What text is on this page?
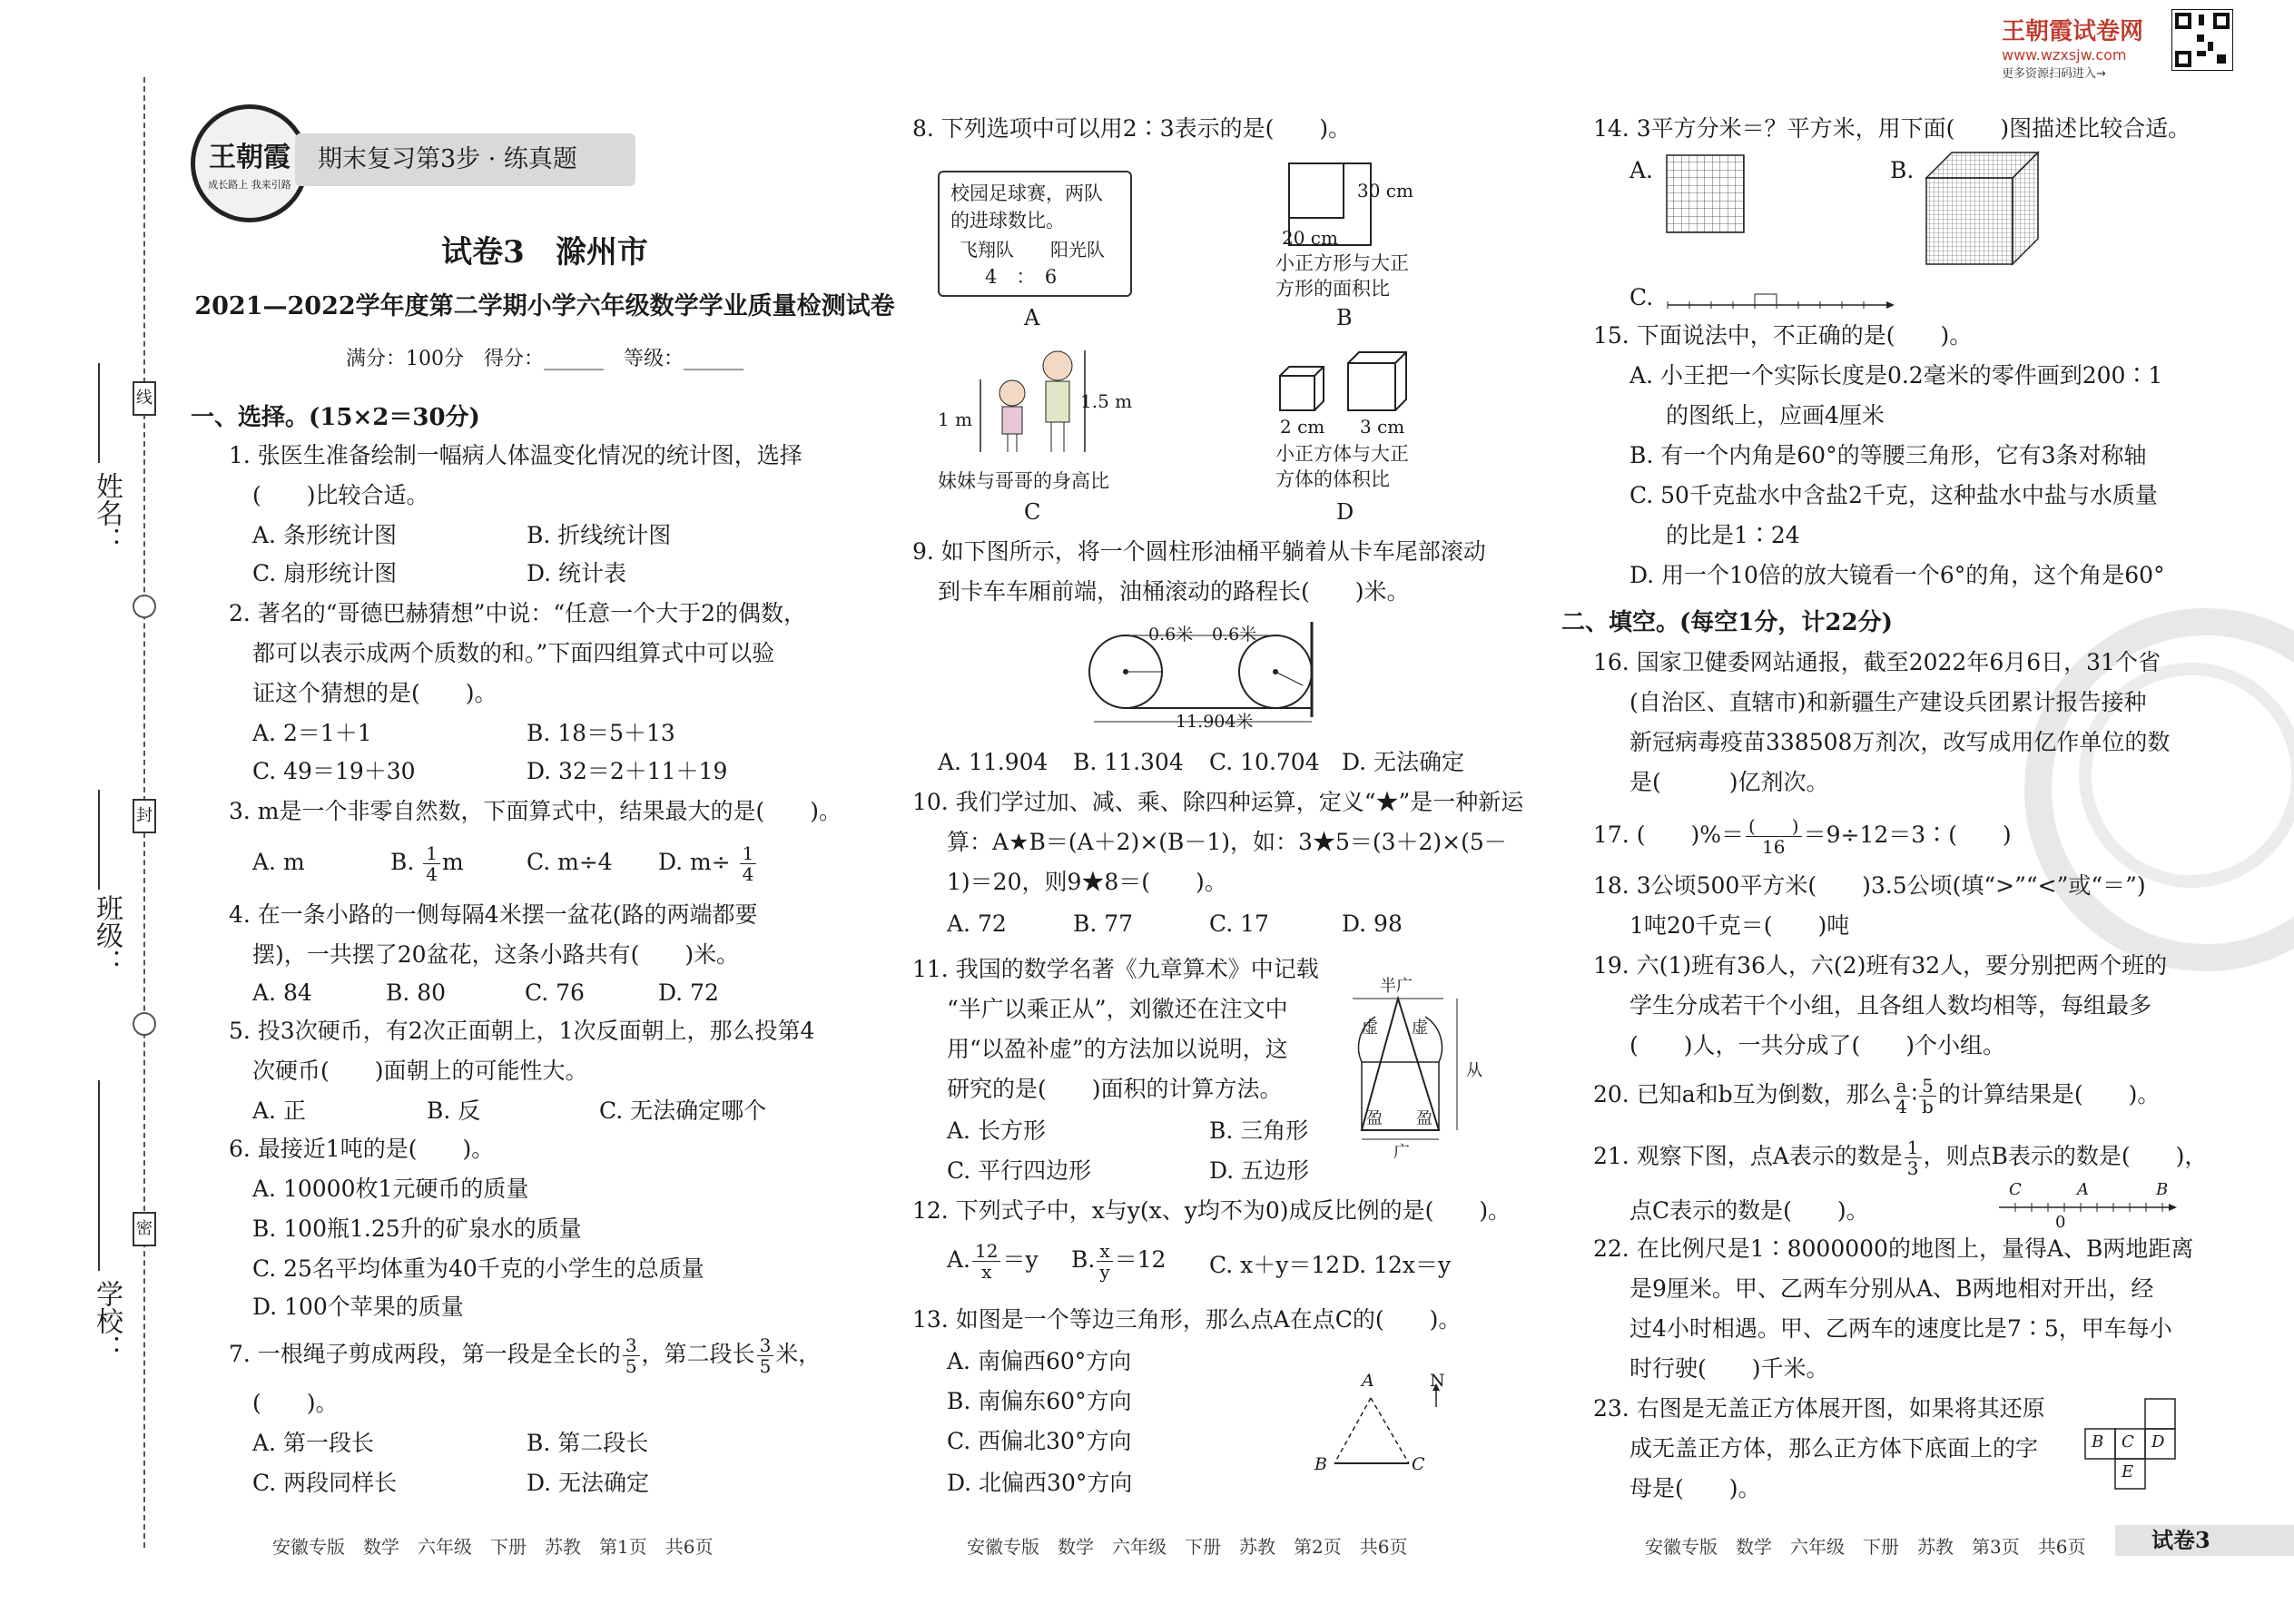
姓名：
班级：
学校：
线
封
密
王朝霞试卷网
www.wzxsjw.com
更多资源扫码进入→
王朝霞
成长路上 我来引路
期末复习第3步 · 练真题
试卷3　滁州市
2021—2022学年度第二学期小学六年级数学学业质量检测试卷
满分：100分　得分：______　等级：______
一、选择。(15×2＝30分)
1. 张医生准备绘制一幅病人体温变化情况的统计图，选择
(　　)比较合适。
A. 条形统计图	B. 折线统计图
C. 扇形统计图	D. 统计表
2. 著名的“哥德巴赫猜想”中说：“任意一个大于2的偶数，
都可以表示成两个质数的和。”下面四组算式中可以验
证这个猜想的是(　　)。
A. 2＝1＋1	B. 18＝5＋13
C. 49＝19＋30	D. 32＝2＋11＋19
3. m是一个非零自然数，下面算式中，结果最大的是(　　)。
A. m	B. $\frac{1}{4}$ m	C. m÷4 D. $m\div \frac{1}{4}$
4. 在一条小路的一侧每隔4米摆一盆花(路的两端都要
摆)，一共摆了20盆花，这条小路共有(　　)米。
A. 84	B. 80	C. 76	D. 72
5. 投3次硬币，有2次正面朝上，1次反面朝上，那么投第4
次硬币(　　)面朝上的可能性大。
A. 正	B. 反	C. 无法确定哪个
6. 最接近1吨的是(　　)。
A. 10000枚1元硬币的质量
B. 100瓶1.25升的矿泉水的质量
C. 25名平均体重为40千克的小学生的总质量
D. 100个苹果的质量
7. 一根绳子剪成两段，第一段是全长的 $\frac{3}{5}$ ，第二段长 $\frac{3}{5}$ 米，
(　　)。
A. 第一段长	B. 第二段长
C. 两段同样长	D. 无法确定
安徽专版　数学　六年级　下册　苏教　第1页　共6页
8. 下列选项中可以用2∶3表示的是(　　)。
校园足球赛，两队
的进球数比。
飞翔队　　阳光队
4　：　6
A
30 cm
20 cm
小正方形与大正
方形的面积比
B
1 m
1.5 m
妹妹与哥哥的身高比
C
2 cm 3 cm
小正方体与大正
方体的体积比
D
9. 如下图所示，将一个圆柱形油桶平躺着从卡车尾部滚动
到卡车车厢前端，油桶滚动的路程长(　　)米。
0.6米 0.6米
11.904米
A. 11.904 B. 11.304 C. 10.704 D. 无法确定
10. 我们学过加、减、乘、除四种运算，定义“★”是一种新运
算：A★B＝(A＋2)×(B－1)，如：3★5＝(3＋2)×(5－
1)＝20，则9★8＝(　　)。
A. 72	B. 77	C. 17	D. 98
11. 我国的数学名著《九章算术》中记载
“半广以乘正从”，刘徽还在注文中
用“以盈补虚”的方法加以说明，这
研究的是(　　)面积的计算方法。
半广
虚 虚
盈 盈
从
广
A. 长方形	B. 三角形
C. 平行四边形	D. 五边形
12. 下列式子中，x与y(x、y均不为0)成反比例的是(　　)。
A. $\frac{12}{x} =y$ B. $\frac{x}{y} =12$ C. x＋y＝12 D. 12x＝y
13. 如图是一个等边三角形，那么点A在点C的(　　)。
A. 南偏西60°方向
B. 南偏东60°方向
C. 西偏北30°方向
D. 北偏西30°方向
A
B	C
N
安徽专版　数学　六年级　下册　苏教　第2页　共6页
14. 3平方分米＝？平方米，用下面(　　)图描述比较合适。
A.	B.
C.
15. 下面说法中，不正确的是(　　)。
A. 小王把一个实际长度是0.2毫米的零件画到200∶1
的图纸上，应画4厘米
B. 有一个内角是60°的等腰三角形，它有3条对称轴
C. 50千克盐水中含盐2千克，这种盐水中盐与水质量
的比是1∶24
D. 用一个10倍的放大镜看一个6°的角，这个角是60°
二、填空。(每空1分，计22分)
16. 国家卫健委网站通报，截至2022年6月6日，31个省
(自治区、直辖市)和新疆生产建设兵团累计报告接种
新冠病毒疫苗338508万剂次，改写成用亿作单位的数
是(　　　)亿剂次。
17. (　　)%＝ $\frac{( )}{16}$ ＝9÷12＝3∶(　　)
18. 3公顷500平方米(　　)3.5公顷(填“>”“<”或“＝”)
1吨20千克＝(　　)吨
19. 六(1)班有36人，六(2)班有32人，要分别把两个班的
学生分成若干个小组，且各组人数均相等，每组最多
(　　)人，一共分成了(　　)个小组。
20. 已知a和b互为倒数，那么 $\frac{a}{4}$ ∶ $\frac{5}{b}$ 的计算结果是(　　)。
21. 观察下图，点A表示的数是 $\frac{1}{3}$ ，则点B表示的数是(　　)，
点C表示的数是(　　)。
C	A	B
0
22. 在比例尺是1∶8000000的地图上，量得A、B两地距离
是9厘米。甲、乙两车分别从A、B两地相对开出，经
过4小时相遇。甲、乙两车的速度比是7∶5，甲车每小
时行驶(　　)千米。
23. 右图是无盖正方体展开图，如果将其还原
成无盖正方体，那么正方体下底面上的字
母是(　　)。
B C D
E
安徽专版　数学　六年级　下册　苏教　第3页　共6页	试卷3
